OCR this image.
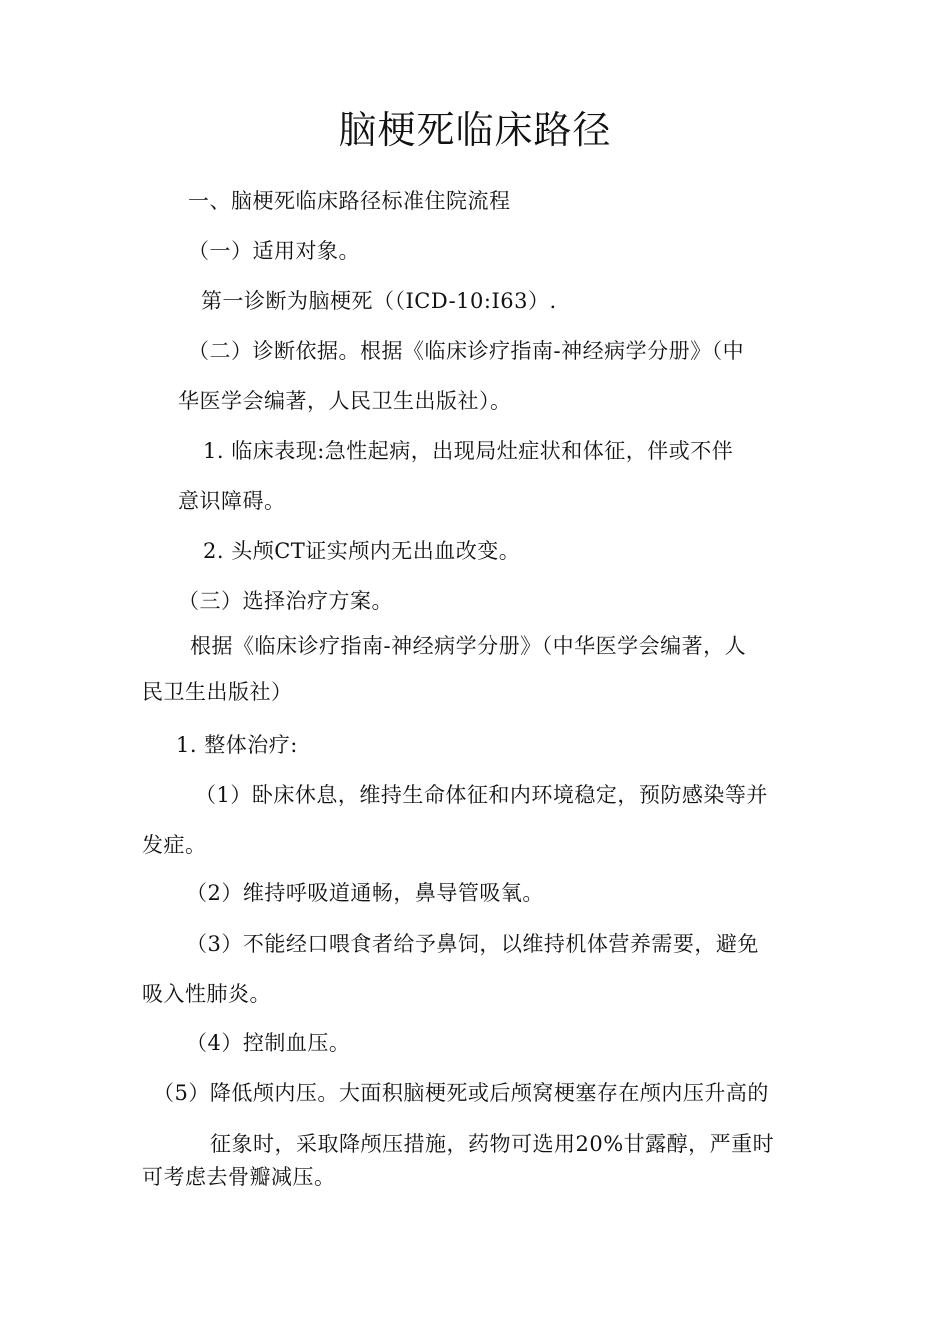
脑梗死临床路径
一、脑梗死临床路径标准住院流程
（一）适用对象。
第一诊断为脑梗死（（ICD-10:I63）.
（二）诊断依据。根据《临床诊疗指南-神经病学分册》（中
华医学会编著，人民卫生出版社）。
1. 临床表现:急性起病，出现局灶症状和体征，伴或不伴
意识障碍。
2. 头颅CT证实颅内无出血改变。
（三）选择治疗方案。
根据《临床诊疗指南-神经病学分册》（中华医学会编著，人
民卫生出版社）
1. 整体治疗:
（1）卧床休息，维持生命体征和内环境稳定，预防感染等并
发症。
（2）维持呼吸道通畅，鼻导管吸氧。
（3）不能经口喂食者给予鼻饲，以维持机体营养需要，避免
吸入性肺炎。
（4）控制血压。
（5）降低颅内压。大面积脑梗死或后颅窝梗塞存在颅内压升高的
征象时，采取降颅压措施，药物可选用20%甘露醇，严重时
可考虑去骨瓣减压。
